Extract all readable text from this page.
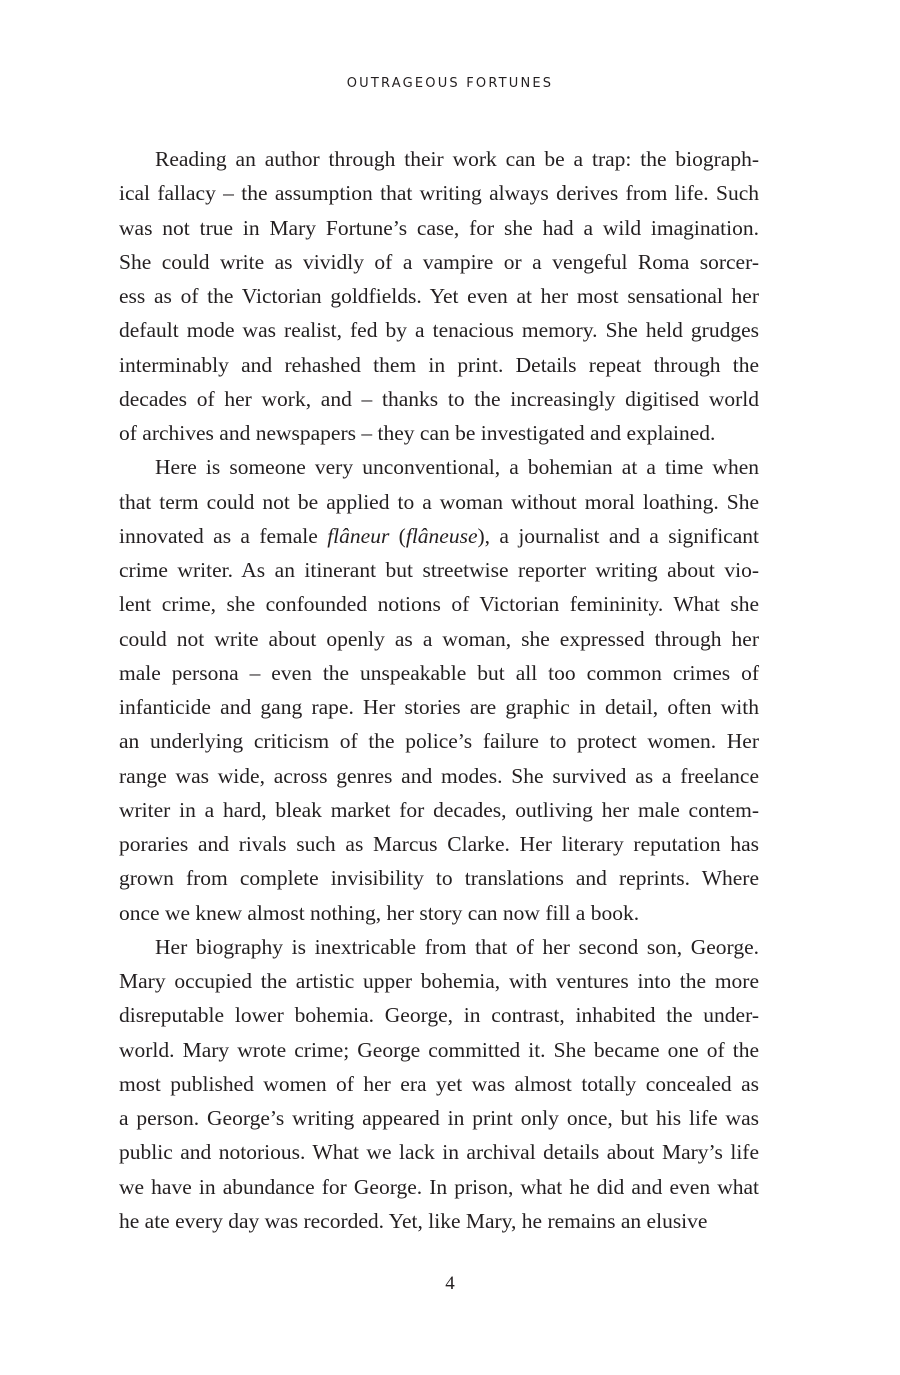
OUTRAGEOUS FORTUNES
Reading an author through their work can be a trap: the biograph-
ical fallacy – the assumption that writing always derives from life. Such
was not true in Mary Fortune’s case, for she had a wild imagination.
She could write as vividly of a vampire or a vengeful Roma sorcer-
ess as of the Victorian goldfields. Yet even at her most sensational her
default mode was realist, fed by a tenacious memory. She held grudges
interminably and rehashed them in print. Details repeat through the
decades of her work, and – thanks to the increasingly digitised world
of archives and newspapers – they can be investigated and explained.
Here is someone very unconventional, a bohemian at a time when
that term could not be applied to a woman without moral loathing. She
innovated as a female flâneur (flâneuse), a journalist and a significant
crime writer. As an itinerant but streetwise reporter writing about vio-
lent crime, she confounded notions of Victorian femininity. What she
could not write about openly as a woman, she expressed through her
male persona – even the unspeakable but all too common crimes of
infanticide and gang rape. Her stories are graphic in detail, often with
an underlying criticism of the police’s failure to protect women. Her
range was wide, across genres and modes. She survived as a freelance
writer in a hard, bleak market for decades, outliving her male contem-
poraries and rivals such as Marcus Clarke. Her literary reputation has
grown from complete invisibility to translations and reprints. Where
once we knew almost nothing, her story can now fill a book.
Her biography is inextricable from that of her second son, George.
Mary occupied the artistic upper bohemia, with ventures into the more
disreputable lower bohemia. George, in contrast, inhabited the under-
world. Mary wrote crime; George committed it. She became one of the
most published women of her era yet was almost totally concealed as
a person. George’s writing appeared in print only once, but his life was
public and notorious. What we lack in archival details about Mary’s life
we have in abundance for George. In prison, what he did and even what
he ate every day was recorded. Yet, like Mary, he remains an elusive
4
